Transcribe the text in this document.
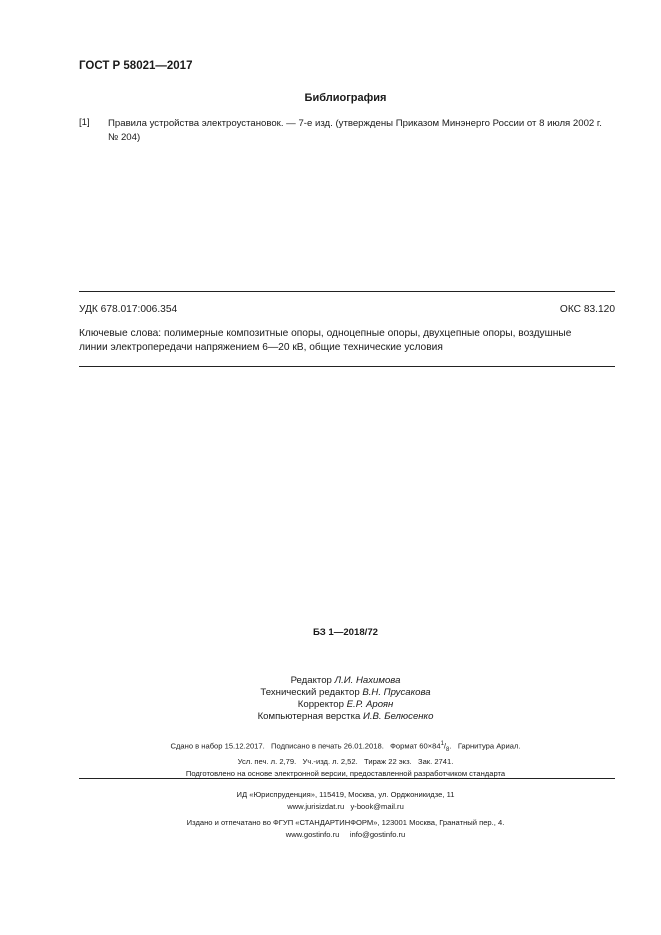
ГОСТ Р 58021—2017
Библиография
[1] Правила устройства электроустановок. — 7-е изд. (утверждены Приказом Минэнерго России от 8 июля 2002 г.
№ 204)
УДК 678.017:006.354	ОКС 83.120
Ключевые слова: полимерные композитные опоры, одноцепные опоры, двухцепные опоры, воздушные
линии электропередачи напряжением 6—20 кВ, общие технические условия
БЗ 1—2018/72
Редактор Л.И. Нахимова
Технический редактор В.Н. Прусакова
Корректор Е.Р. Ароян
Компьютерная верстка И.В. Белюсенко
Сдано в набор 15.12.2017.   Подписано в печать 26.01.2018.   Формат $60\times 84^1/_8$.   Гарнитура Ариал.
Усл. печ. л. 2,79.   Уч.-изд. л. 2,52.   Тираж 22 экз.   Зак. 2741.
Подготовлено на основе электронной версии, предоставленной разработчиком стандарта
ИД «Юриспруденция», 115419, Москва, ул. Орджоникидзе, 11
www.jurisizdat.ru   y-book@mail.ru
Издано и отпечатано во ФГУП «СТАНДАРТИНФОРМ», 123001 Москва, Гранатный пер., 4.
www.gostinfo.ru     info@gostinfo.ru
